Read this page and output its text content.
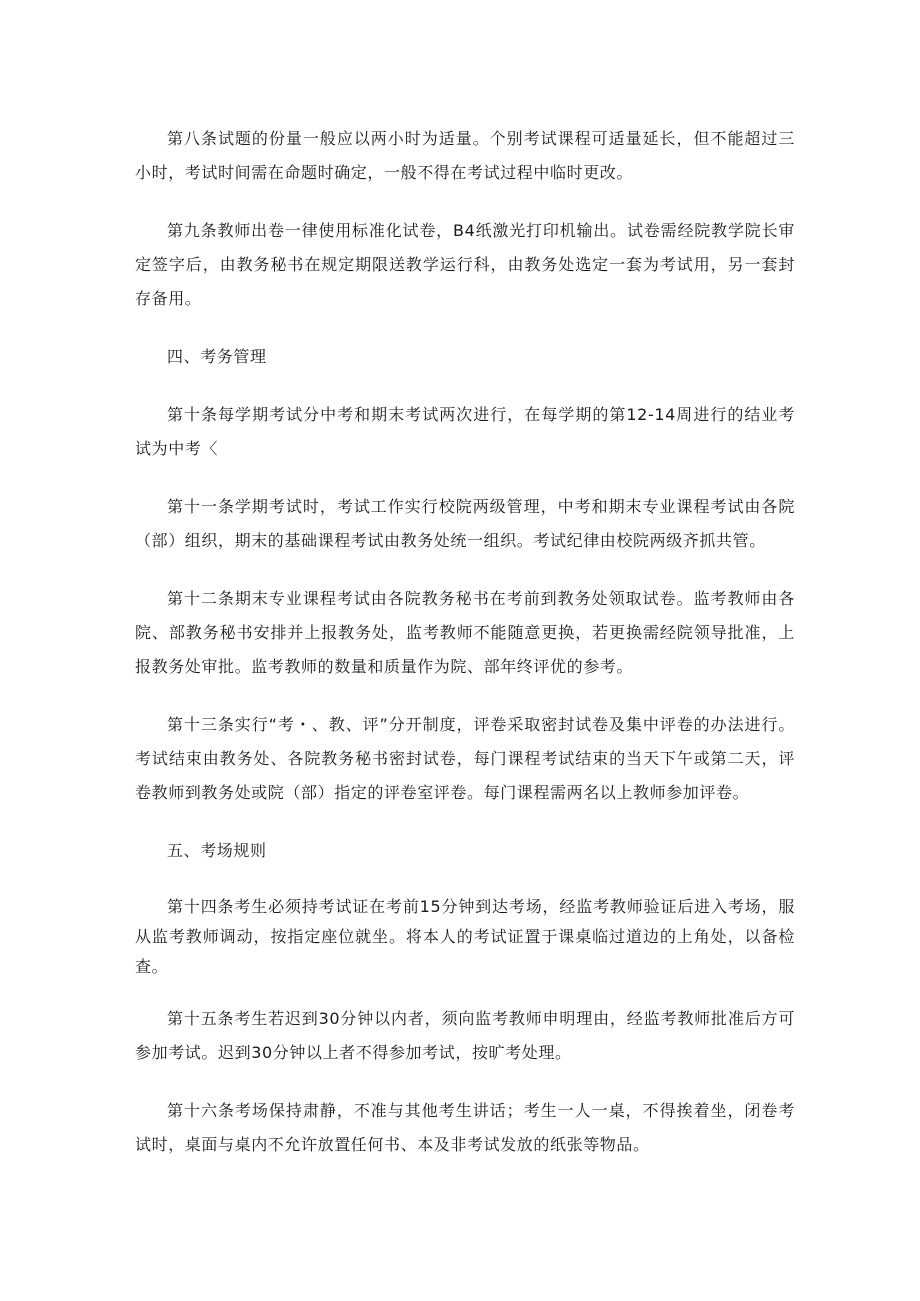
第八条试题的份量一般应以两小时为适量。个别考试课程可适量延长，但不能超过三小时，考试时间需在命题时确定，一般不得在考试过程中临时更改。

第九条教师出卷一律使用标准化试卷，B4纸激光打印机输出。试卷需经院教学院长审定签字后，由教务秘书在规定期限送教学运行科，由教务处选定一套为考试用，另一套封存备用。

四、考务管理

第十条每学期考试分中考和期末考试两次进行，在每学期的第12-14周进行的结业考试为中考〈

第十一条学期考试时，考试工作实行校院两级管理，中考和期末专业课程考试由各院（部）组织，期末的基础课程考试由教务处统一组织。考试纪律由校院两级齐抓共管。

第十二条期末专业课程考试由各院教务秘书在考前到教务处领取试卷。监考教师由各院、部教务秘书安排并上报教务处，监考教师不能随意更换，若更换需经院领导批准，上报教务处审批。监考教师的数量和质量作为院、部年终评优的参考。

第十三条实行“考・、教、评”分开制度，评卷采取密封试卷及集中评卷的办法进行。考试结束由教务处、各院教务秘书密封试卷，每门课程考试结束的当天下午或第二天，评卷教师到教务处或院（部）指定的评卷室评卷。每门课程需两名以上教师参加评卷。

五、考场规则

第十四条考生必须持考试证在考前15分钟到达考场，经监考教师验证后进入考场，服从监考教师调动，按指定座位就坐。将本人的考试证置于课桌临过道边的上角处，以备检查。

第十五条考生若迟到30分钟以内者，须向监考教师申明理由，经监考教师批准后方可参加考试。迟到30分钟以上者不得参加考试，按旷考处理。

第十六条考场保持肃静，不准与其他考生讲话；考生一人一桌，不得挨着坐，闭卷考试时，桌面与桌内不允许放置任何书、本及非考试发放的纸张等物品。
